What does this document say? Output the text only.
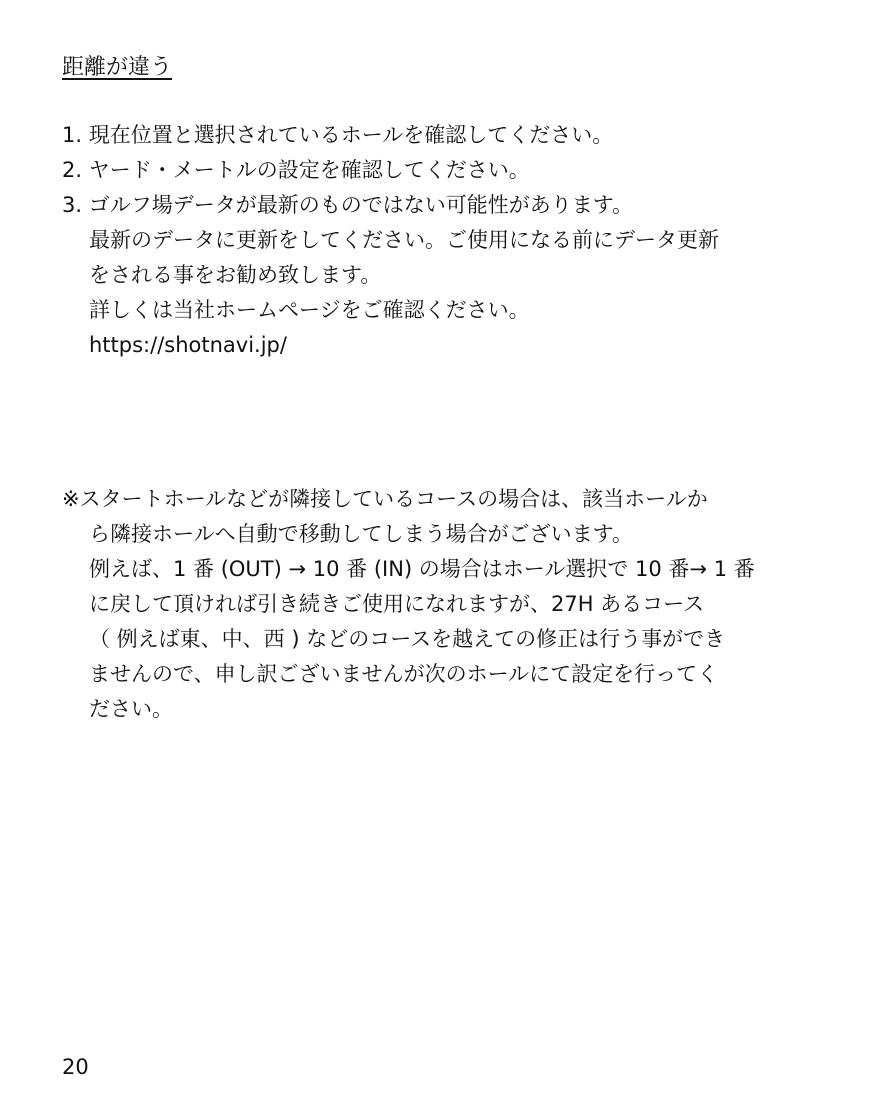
距離が違う
1. 現在位置と選択されているホールを確認してください。
2. ヤード・メートルの設定を確認してください。
3. ゴルフ場データが最新のものではない可能性があります。
最新のデータに更新をしてください。ご使用になる前にデータ更新
をされる事をお勧め致します。
詳しくは当社ホームページをご確認ください。
https://shotnavi.jp/
※スタートホールなどが隣接しているコースの場合は、該当ホールか
ら隣接ホールへ自動で移動してしまう場合がございます。
例えば、1 番 (OUT) → 10 番 (IN) の場合はホール選択で 10 番→ 1 番
に戻して頂ければ引き続きご使用になれますが、27H あるコース
（ 例えば東、中、西 ) などのコースを越えての修正は行う事ができ
ませんので、申し訳ございませんが次のホールにて設定を行ってく
ださい。
20
